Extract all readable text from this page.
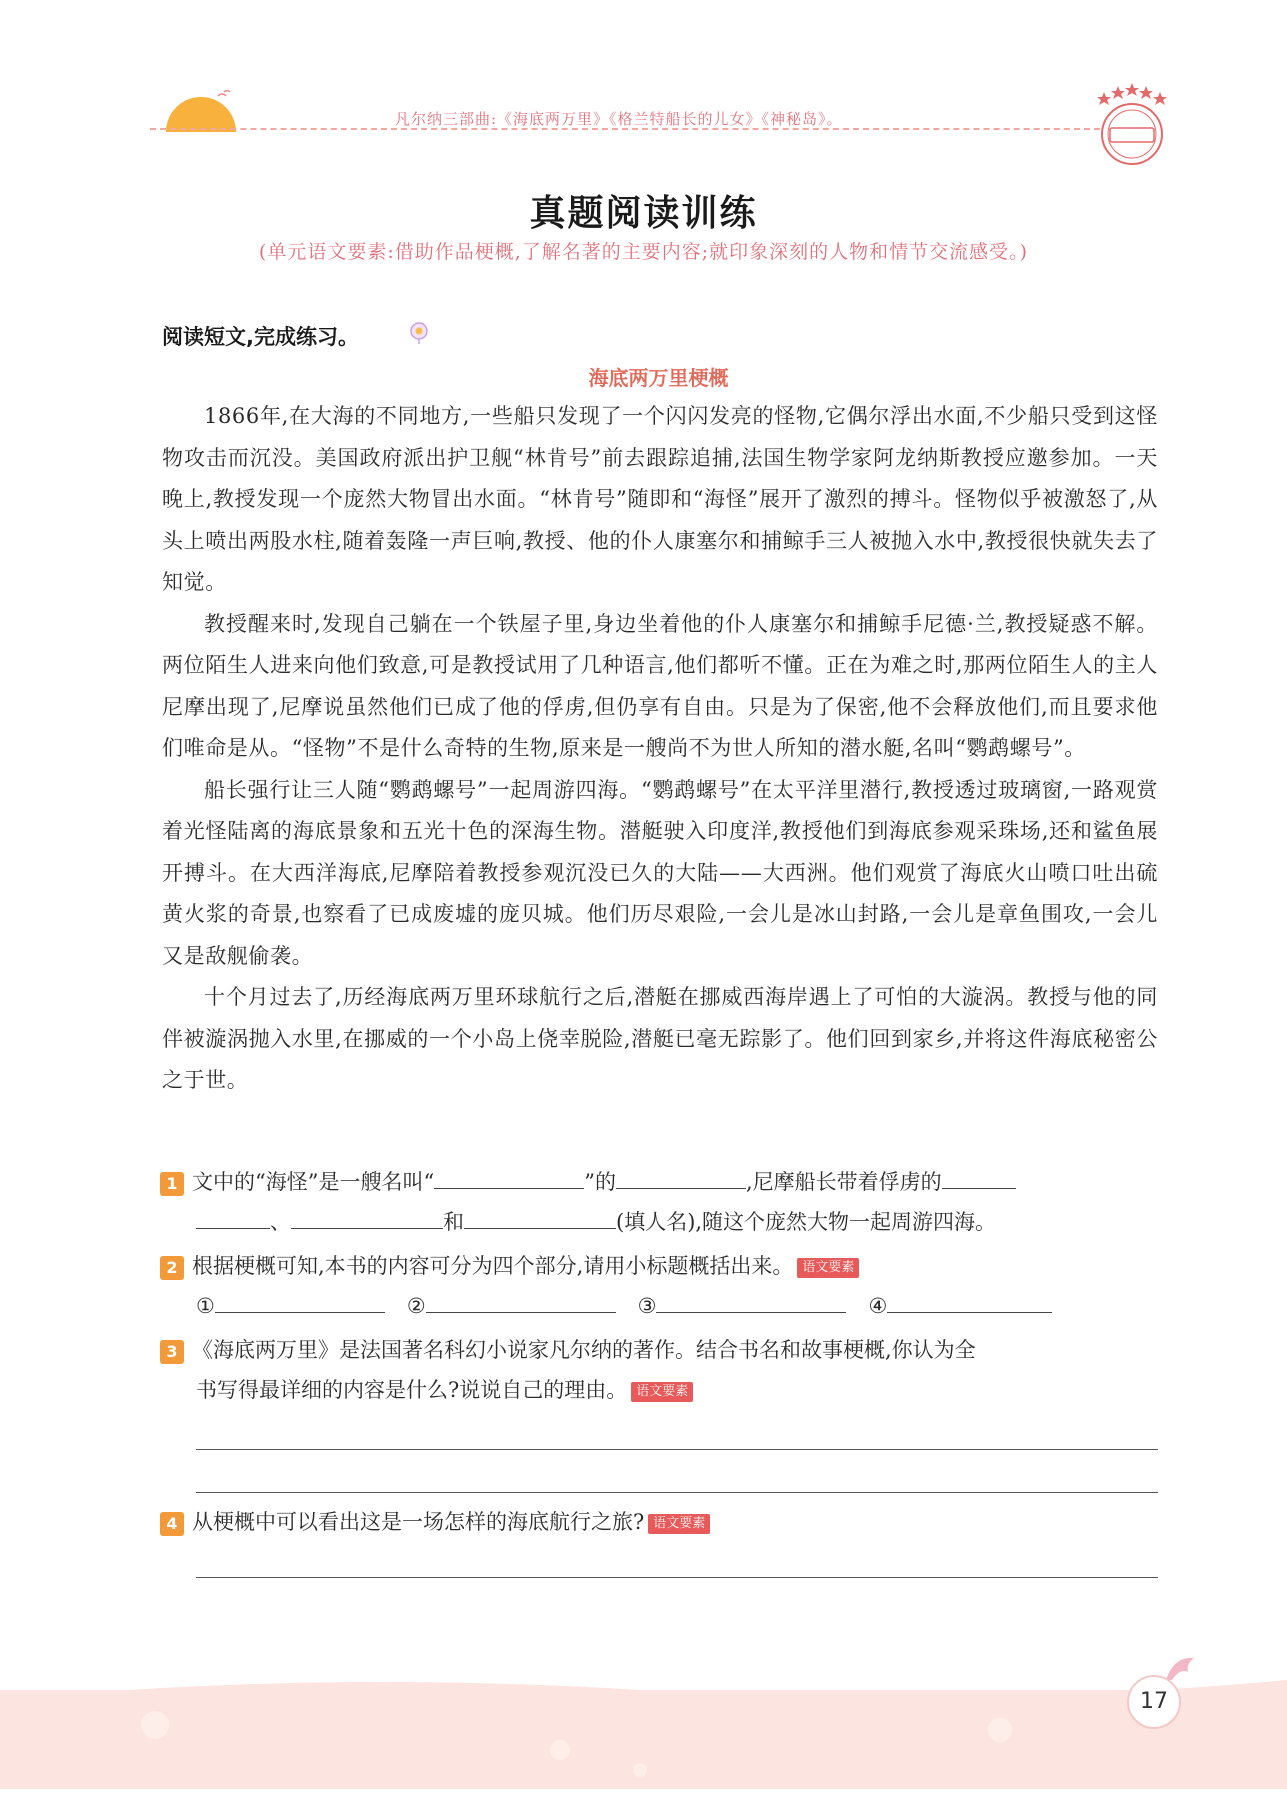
凡尔纳三部曲:《海底两万里》《格兰特船长的儿女》《神秘岛》。
真题阅读训练
(单元语文要素:借助作品梗概,了解名著的主要内容;就印象深刻的人物和情节交流感受。)
阅读短文,完成练习。
海底两万里梗概

1866年,在大海的不同地方,一些船只发现了一个闪闪发亮的怪物,它偶尔浮出水面,不少船只受到这怪物攻击而沉没。美国政府派出护卫舰“林肯号”前去跟踪追捕,法国生物学家阿龙纳斯教授应邀参加。一天晚上,教授发现一个庞然大物冒出水面。“林肯号”随即和“海怪”展开了激烈的搏斗。怪物似乎被激怒了,从头上喷出两股水柱,随着轰隆一声巨响,教授、他的仆人康塞尔和捕鲸手三人被抛入水中,教授很快就失去了知觉。

教授醒来时,发现自己躺在一个铁屋子里,身边坐着他的仆人康塞尔和捕鲸手尼德·兰,教授疑惑不解。两位陌生人进来向他们致意,可是教授试用了几种语言,他们都听不懂。正在为难之时,那两位陌生人的主人尼摩出现了,尼摩说虽然他们已成了他的俘虏,但仍享有自由。只是为了保密,他不会释放他们,而且要求他们唯命是从。“怪物”不是什么奇特的生物,原来是一艘尚不为世人所知的潜水艇,名叫“鹦鹉螺号”。

船长强行让三人随“鹦鹉螺号”一起周游四海。“鹦鹉螺号”在太平洋里潜行,教授透过玻璃窗,一路观赏着光怪陆离的海底景象和五光十色的深海生物。潜艇驶入印度洋,教授他们到海底参观采珠场,还和鲨鱼展开搏斗。在大西洋海底,尼摩陪着教授参观沉没已久的大陆——大西洲。他们观赏了海底火山喷口吐出硫黄火浆的奇景,也察看了已成废墟的庞贝城。他们历尽艰险,一会儿是冰山封路,一会儿是章鱼围攻,一会儿又是敌舰偷袭。

十个月过去了,历经海底两万里环球航行之后,潜艇在挪威西海岸遇上了可怕的大漩涡。教授与他的同伴被漩涡抛入水里,在挪威的一个小岛上侥幸脱险,潜艇已毫无踪影了。他们回到家乡,并将这件海底秘密公之于世。

1 文中的“海怪”是一艘名叫“	”的	,尼摩船长带着俘虏的
、	和	(填人名),随这个庞然大物一起周游四海。
2 根据梗概可知,本书的内容可分为四个部分,请用小标题概括出来。 语文要素
①	②	③	④
3 《海底两万里》是法国著名科幻小说家凡尔纳的著作。结合书名和故事梗概,你认为全
书写得最详细的内容是什么?说说自己的理由。 语文要素
4 从梗概中可以看出这是一场怎样的海底航行之旅? 语文要素
17
